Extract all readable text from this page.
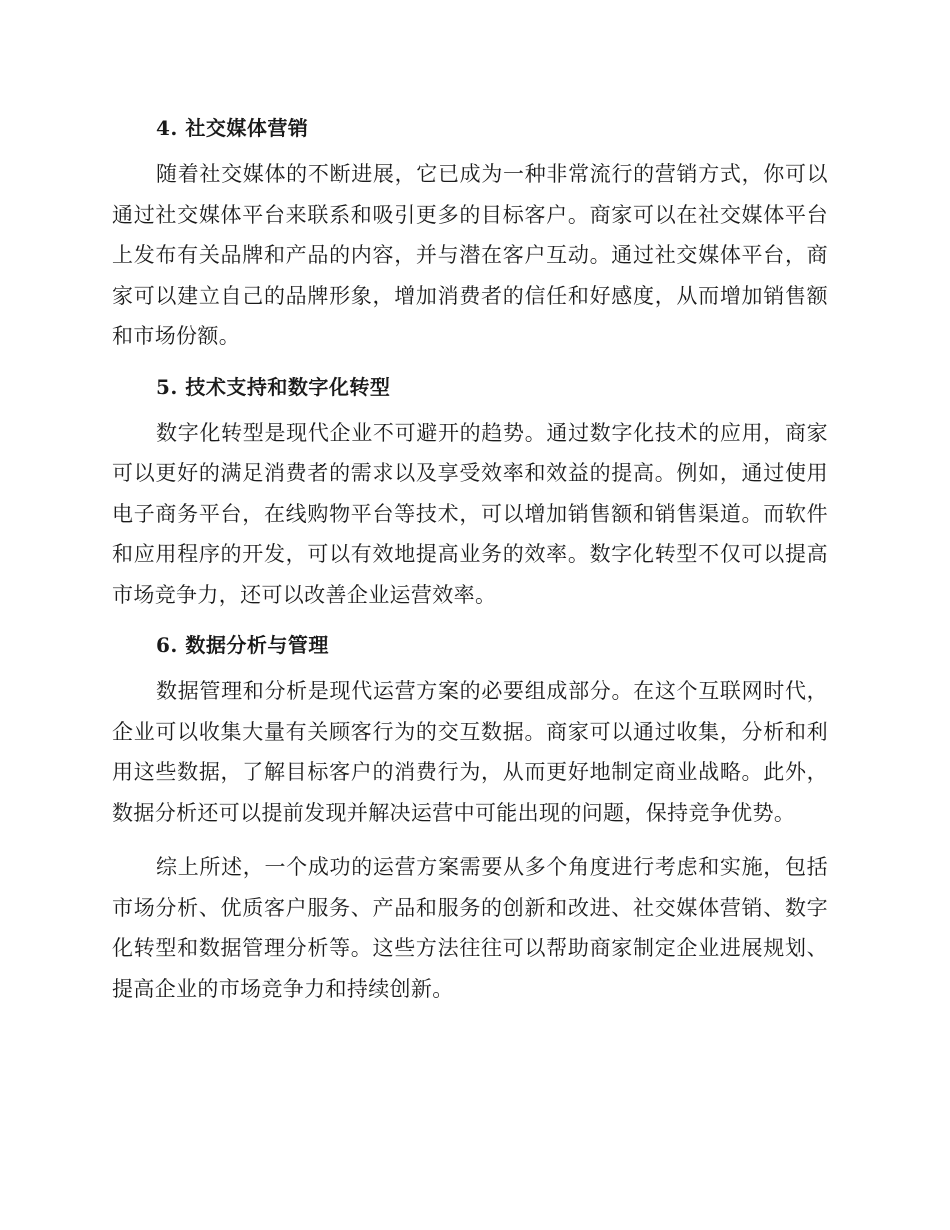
4. 社交媒体营销

随着社交媒体的不断进展，它已成为一种非常流行的营销方式，你可以通过社交媒体平台来联系和吸引更多的目标客户。商家可以在社交媒体平台上发布有关品牌和产品的内容，并与潜在客户互动。通过社交媒体平台，商家可以建立自己的品牌形象，增加消费者的信任和好感度，从而增加销售额和市场份额。

5. 技术支持和数字化转型

数字化转型是现代企业不可避开的趋势。通过数字化技术的应用，商家可以更好的满足消费者的需求以及享受效率和效益的提高。例如，通过使用电子商务平台，在线购物平台等技术，可以增加销售额和销售渠道。而软件和应用程序的开发，可以有效地提高业务的效率。数字化转型不仅可以提高市场竞争力，还可以改善企业运营效率。

6. 数据分析与管理

数据管理和分析是现代运营方案的必要组成部分。在这个互联网时代，企业可以收集大量有关顾客行为的交互数据。商家可以通过收集，分析和利用这些数据，了解目标客户的消费行为，从而更好地制定商业战略。此外，数据分析还可以提前发现并解决运营中可能出现的问题，保持竞争优势。

综上所述，一个成功的运营方案需要从多个角度进行考虑和实施，包括市场分析、优质客户服务、产品和服务的创新和改进、社交媒体营销、数字化转型和数据管理分析等。这些方法往往可以帮助商家制定企业进展规划、提高企业的市场竞争力和持续创新。
